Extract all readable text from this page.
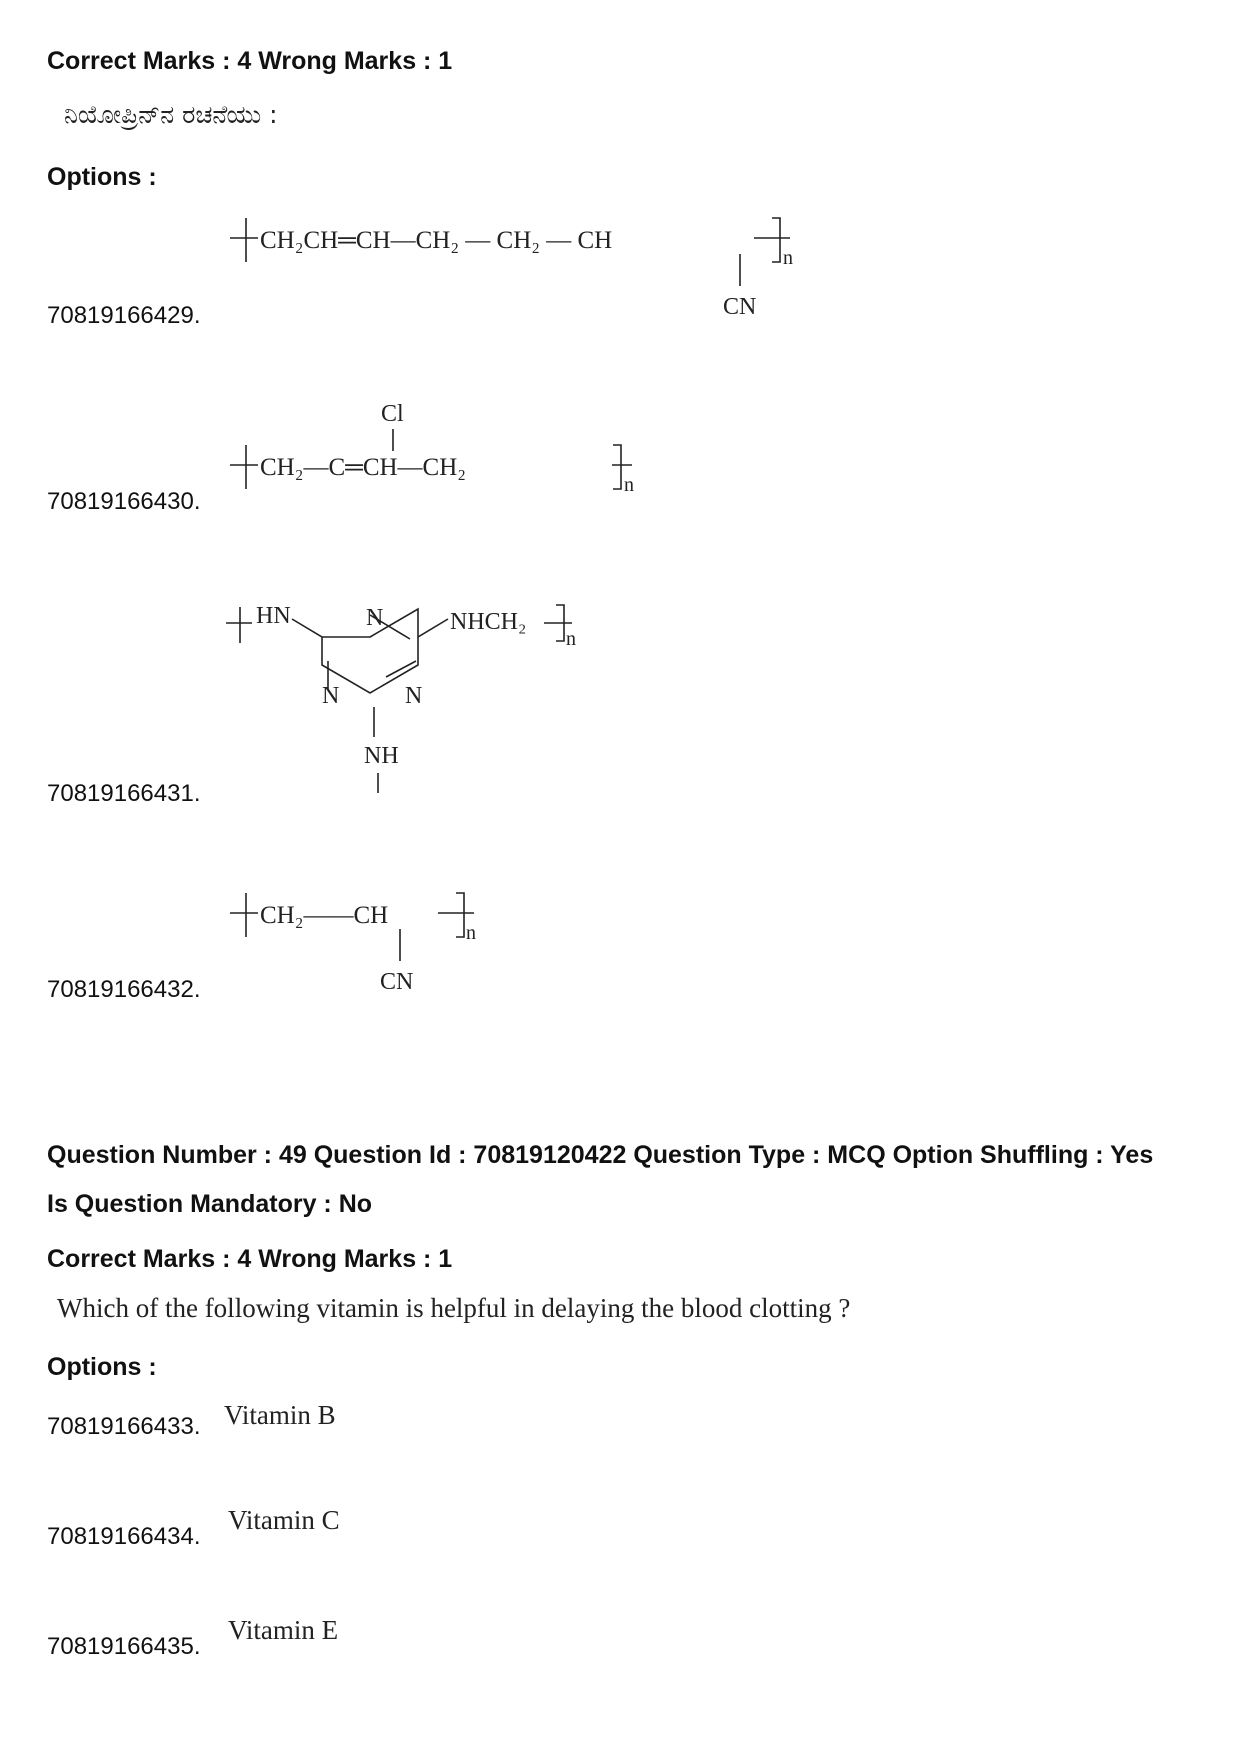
Correct Marks : 4 Wrong Marks : 1
ನಿಯೋಪ್ರಿನ್‌ನ ರಚನೆಯು :
Options :
70819166429.
CH₂CH═CH—CH₂ — CH₂ — CH
CN
n
70819166430.
Cl
CH₂—C═CH—CH₂
n
70819166431.
HN	N
N	N
NHCH₂
n
NH
70819166432.
CH₂——CH
n
CN
Question Number : 49 Question Id : 70819120422 Question Type : MCQ Option Shuffling : Yes
Is Question Mandatory : No
Correct Marks : 4 Wrong Marks : 1
Which of the following vitamin is helpful in delaying the blood clotting ?
Options :
70819166433. Vitamin B
70819166434.
Vitamin C
70819166435.
Vitamin E
